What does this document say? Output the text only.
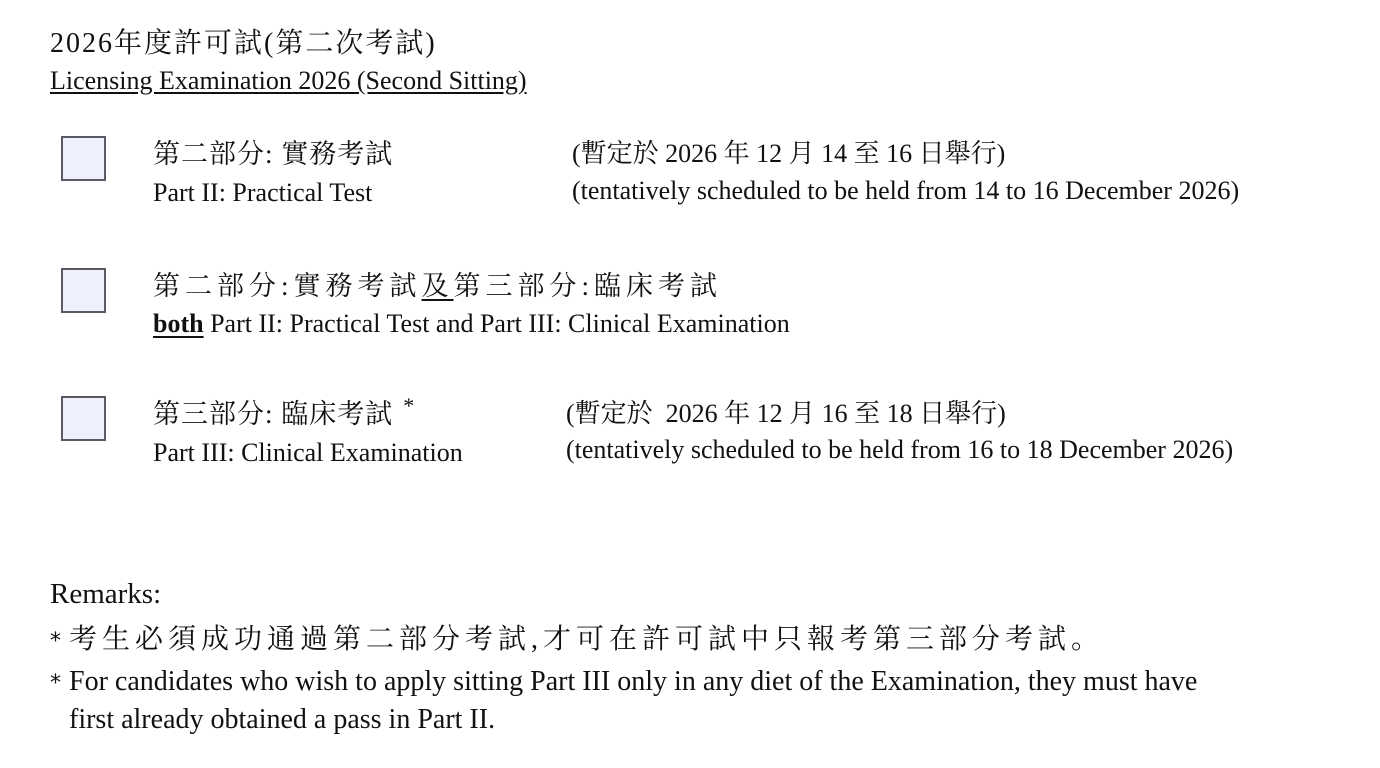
2026年度許可試(第二次考試)
Licensing Examination 2026 (Second Sitting)
第二部分: 實務考試
Part II: Practical Test
(暫定於 2026 年 12 月 14 至 16 日舉行)
(tentatively scheduled to be held from 14 to 16 December 2026)
第二部分:實務考試及第三部分:臨床考試
both Part II: Practical Test and Part III: Clinical Examination
第三部分: 臨床考試 *
Part III: Clinical Examination
(暫定於  2026 年 12 月 16 至 18 日舉行)
(tentatively scheduled to be held from 16 to 18 December 2026)
Remarks:
* 考生必須成功通過第二部分考試,才可在許可試中只報考第三部分考試。
* For candidates who wish to apply sitting Part III only in any diet of the Examination, they must have
first already obtained a pass in Part II.
